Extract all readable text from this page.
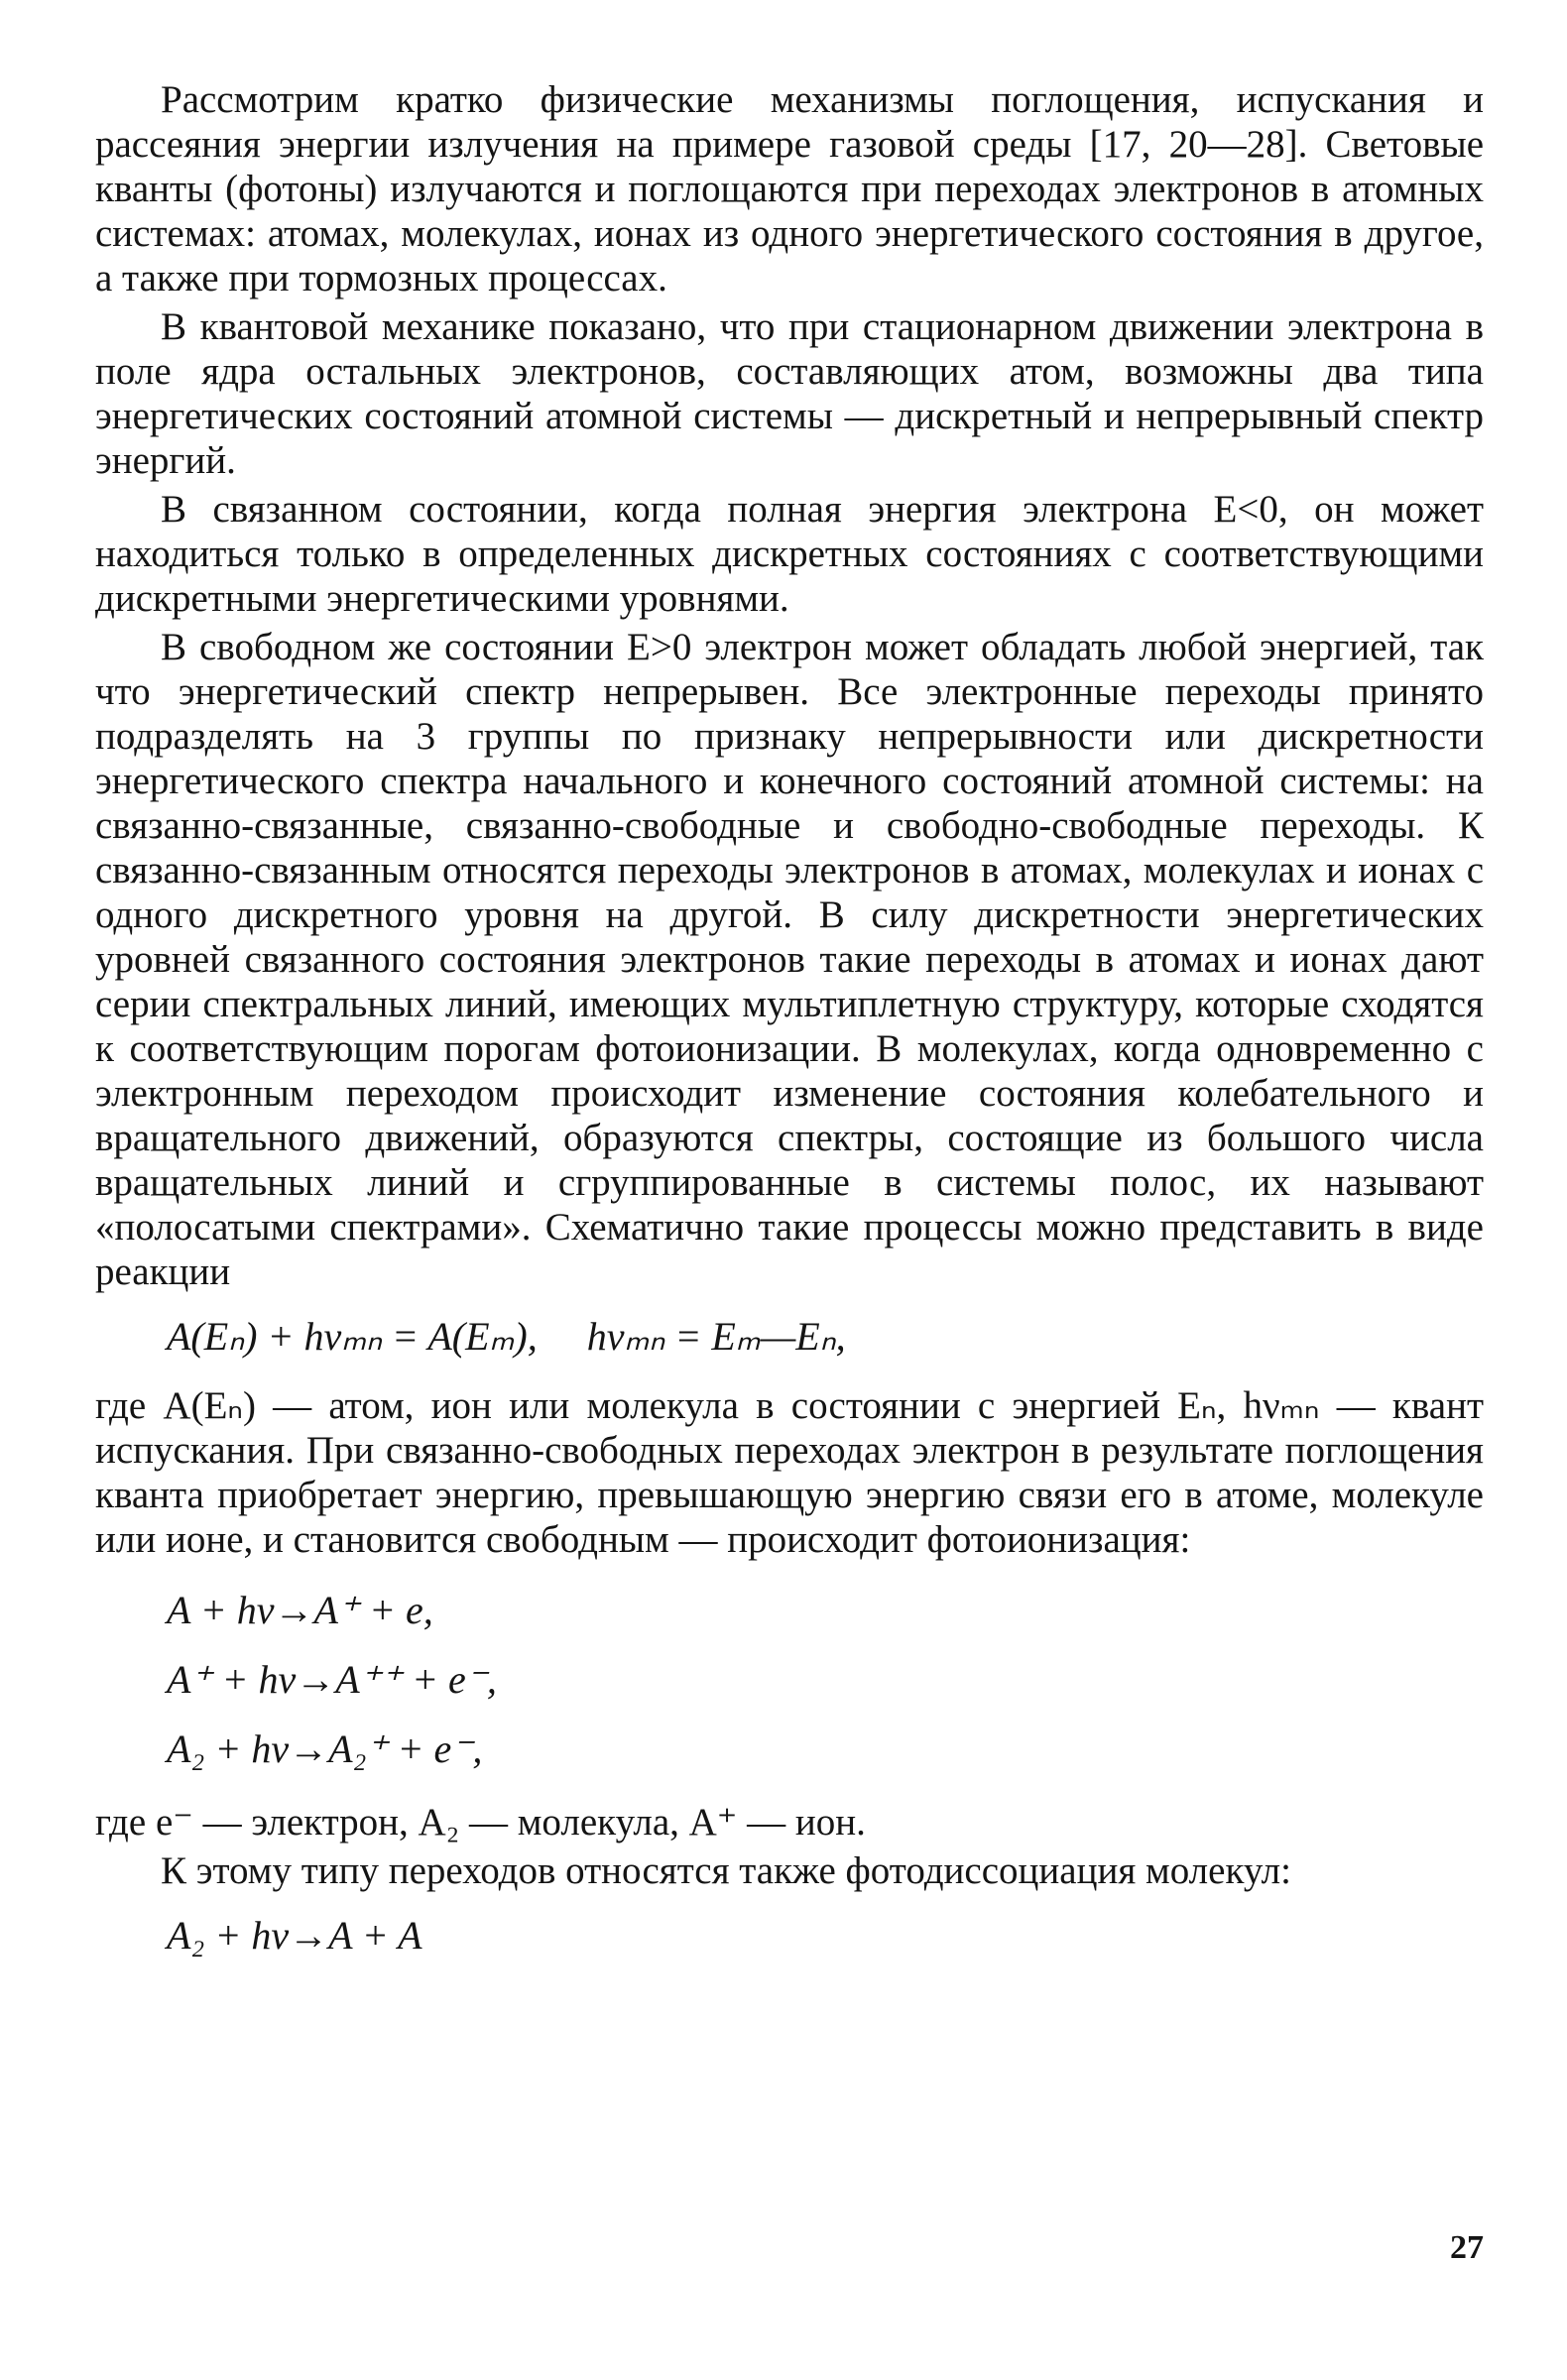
Рассмотрим кратко физические механизмы поглощения, испускания и рассеяния энергии излучения на примере газовой среды [17, 20—28]. Световые кванты (фотоны) излучаются и поглощаются при переходах электронов в атомных системах: атомах, молекулах, ионах из одного энергетического состояния в другое, а также при тормозных процессах.

В квантовой механике показано, что при стационарном движении электрона в поле ядра остальных электронов, составляющих атом, возможны два типа энергетических состояний атомной системы — дискретный и непрерывный спектр энергий.

В связанном состоянии, когда полная энергия электрона E<0, он может находиться только в определенных дискретных состояниях с соответствующими дискретными энергетическими уровнями.

В свободном же состоянии E>0 электрон может обладать любой энергией, так что энергетический спектр непрерывен. Все электронные переходы принято подразделять на 3 группы по признаку непрерывности или дискретности энергетического спектра начального и конечного состояний атомной системы: на связанно-связанные, связанно-свободные и свободно-свободные переходы. К связанно-связанным относятся переходы электронов в атомах, молекулах и ионах с одного дискретного уровня на другой. В силу дискретности энергетических уровней связанного состояния электронов такие переходы в атомах и ионах дают серии спектральных линий, имеющих мультиплетную структуру, которые сходятся к соответствующим порогам фотоионизации. В молекулах, когда одновременно с электронным переходом происходит изменение состояния колебательного и вращательного движений, образуются спектры, состоящие из большого числа вращательных линий и сгруппированные в системы полос, их называют «полосатыми спектрами». Схематично такие процессы можно представить в виде реакции

A(Eₙ) + hνₘₙ = A(Eₘ),     hνₘₙ = Eₘ—Eₙ,

где A(Eₙ) — атом, ион или молекула в состоянии с энергией Eₙ, hνₘₙ — квант испускания. При связанно-свободных переходах электрон в результате поглощения кванта приобретает энергию, превышающую энергию связи его в атоме, молекуле или ионе, и становится свободным — происходит фотоионизация:

A + hν→A⁺ + e,
A⁺ + hν→A⁺⁺ + e⁻,
A₂ + hν→A₂⁺ + e⁻,

где e⁻ — электрон, A₂ — молекула, A⁺ — ион.

К этому типу переходов относятся также фотодиссоциация молекул:

A₂ + hν→A + A
27
